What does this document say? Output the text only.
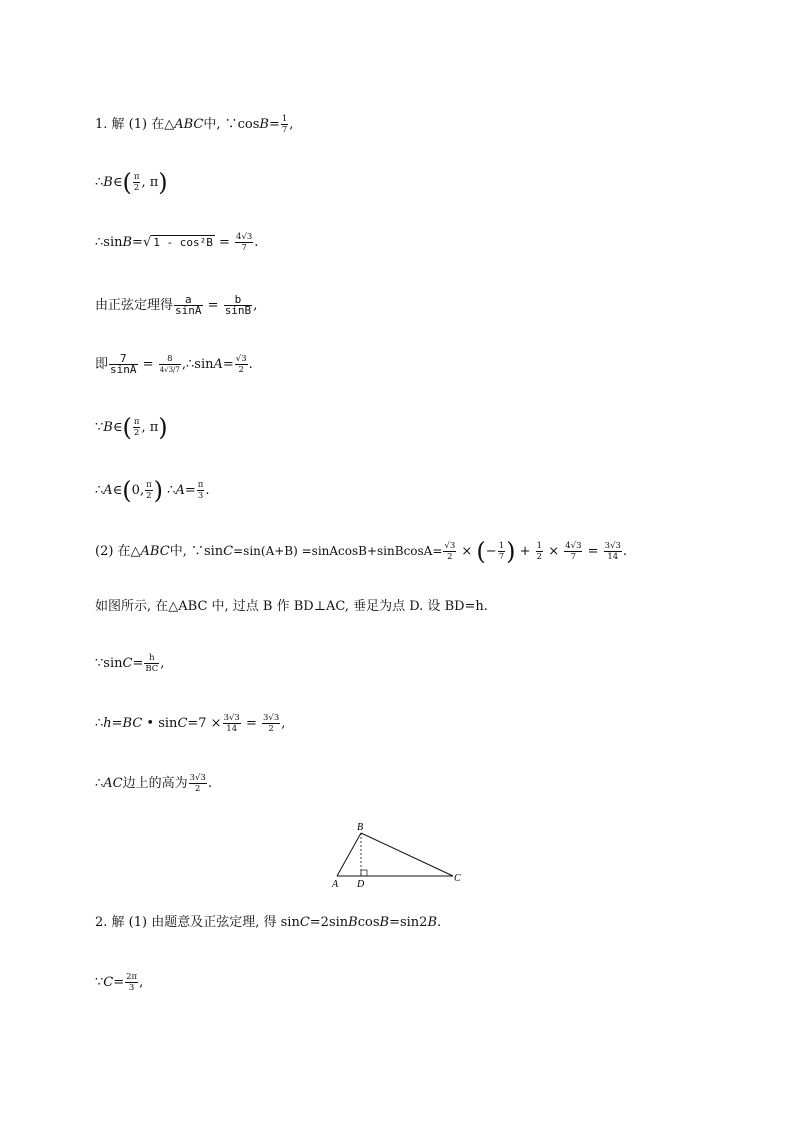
1. 解 (1) 在△ABC中, ∵cosB= $\frac{1}{7}$ ,
∴B∈( $\frac{\pi}{2}$ , π)
∴sinB=√ $1 - \cos^2B = \frac{4√3}{7}$ .
由正弦定理得 $\frac{a}{\sin A} = \frac{b}{\sin B}$ ,
即 $\frac{7}{\sin A}$ =	8
4√3/7 ,∴sinA= $\frac{√3}{2}$ .
∵B∈( $\frac{\pi}{2}$ , π)
∴A∈(0, $\frac{\pi}{2}$ ) ∴A= $\frac{\pi}{3}$ .
(2) 在△ABC中, ∵sinC=sin(A+B) =sinAcosB+sinBcosA= $\frac{√3}{2}$ × (− $\frac{1}{7}$ ) + $\frac{1}{2} \times \frac{4√3}{7} = \frac{3√3}{14}$ .
如图所示, 在△ABC 中, 过点 B 作 BD⊥AC, 垂足为点 D. 设 BD=h.
∵sinC= $\frac{h}{BC}$ ,
∴h=BC • $\sin C=7 \times \frac{3√3}{14} = \frac{3√3}{2}$ ,
∴AC边上的高为 $\frac{3√3}{2}$ .
A
B
C
D
2. 解 (1) 由题意及正弦定理, 得 sinC=2sinBcosB=sin2B.
∵C= $\frac{2\pi}{3}$ ,
